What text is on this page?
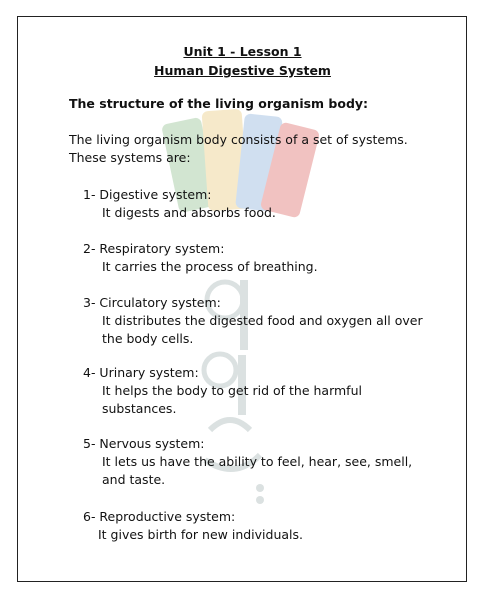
Unit 1 - Lesson 1
Human Digestive System
The structure of the living organism body:
The living organism body consists of a set of systems.
These systems are:
1- Digestive system:
It digests and absorbs food.
2- Respiratory system:
It carries the process of breathing.
3- Circulatory system:
It distributes the digested food and oxygen all over the body cells.
4- Urinary system:
It helps the body to get rid of the harmful substances.
5- Nervous system:
It lets us have the ability to feel, hear, see, smell, and taste.
6- Reproductive system:
It gives birth for new individuals.
